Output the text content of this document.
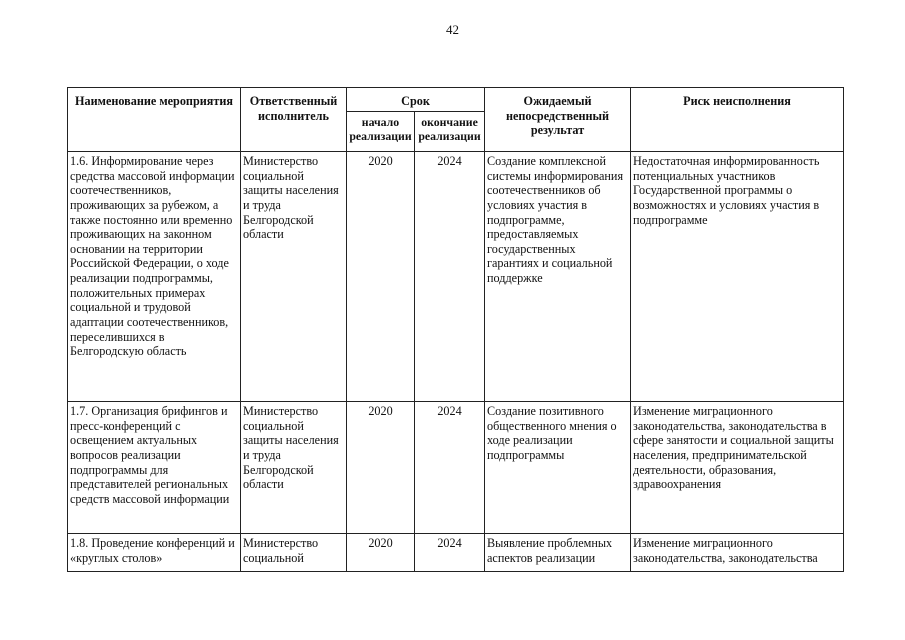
42
Наименование мероприятия	Ответственный исполнитель	Срок		Ожидаемый непосредственный результат	Риск неисполнения
		начало реализации	окончание реализации		
1.6. Информирование через средства массовой информации соотечественников, проживающих за рубежом, а также постоянно или временно проживающих на законном основании на территории Российской Федерации, о ходе реализации подпрограммы, положительных примерах социальной и трудовой адаптации соотечественников, переселившихся в Белгородскую область	Министерство социальной защиты населения и труда Белгородской области	2020	2024	Создание комплексной системы информирования соотечественников об условиях участия в подпрограмме, предоставляемых государственных гарантиях и социальной поддержке	Недостаточная информированность потенциальных участников Государственной программы о возможностях и условиях участия в подпрограмме
1.7. Организация брифингов и пресс-конференций с освещением актуальных вопросов реализации подпрограммы для представителей региональных средств массовой информации	Министерство социальной защиты населения и труда Белгородской области	2020	2024	Создание позитивного общественного мнения о ходе реализации подпрограммы	Изменение миграционного законодательства, законодательства в сфере занятости и социальной защиты населения, предпринимательской деятельности, образования, здравоохранения
1.8. Проведение конференций и «круглых столов»	Министерство социальной	2020	2024	Выявление проблемных аспектов реализации	Изменение миграционного законодательства, законодательства
